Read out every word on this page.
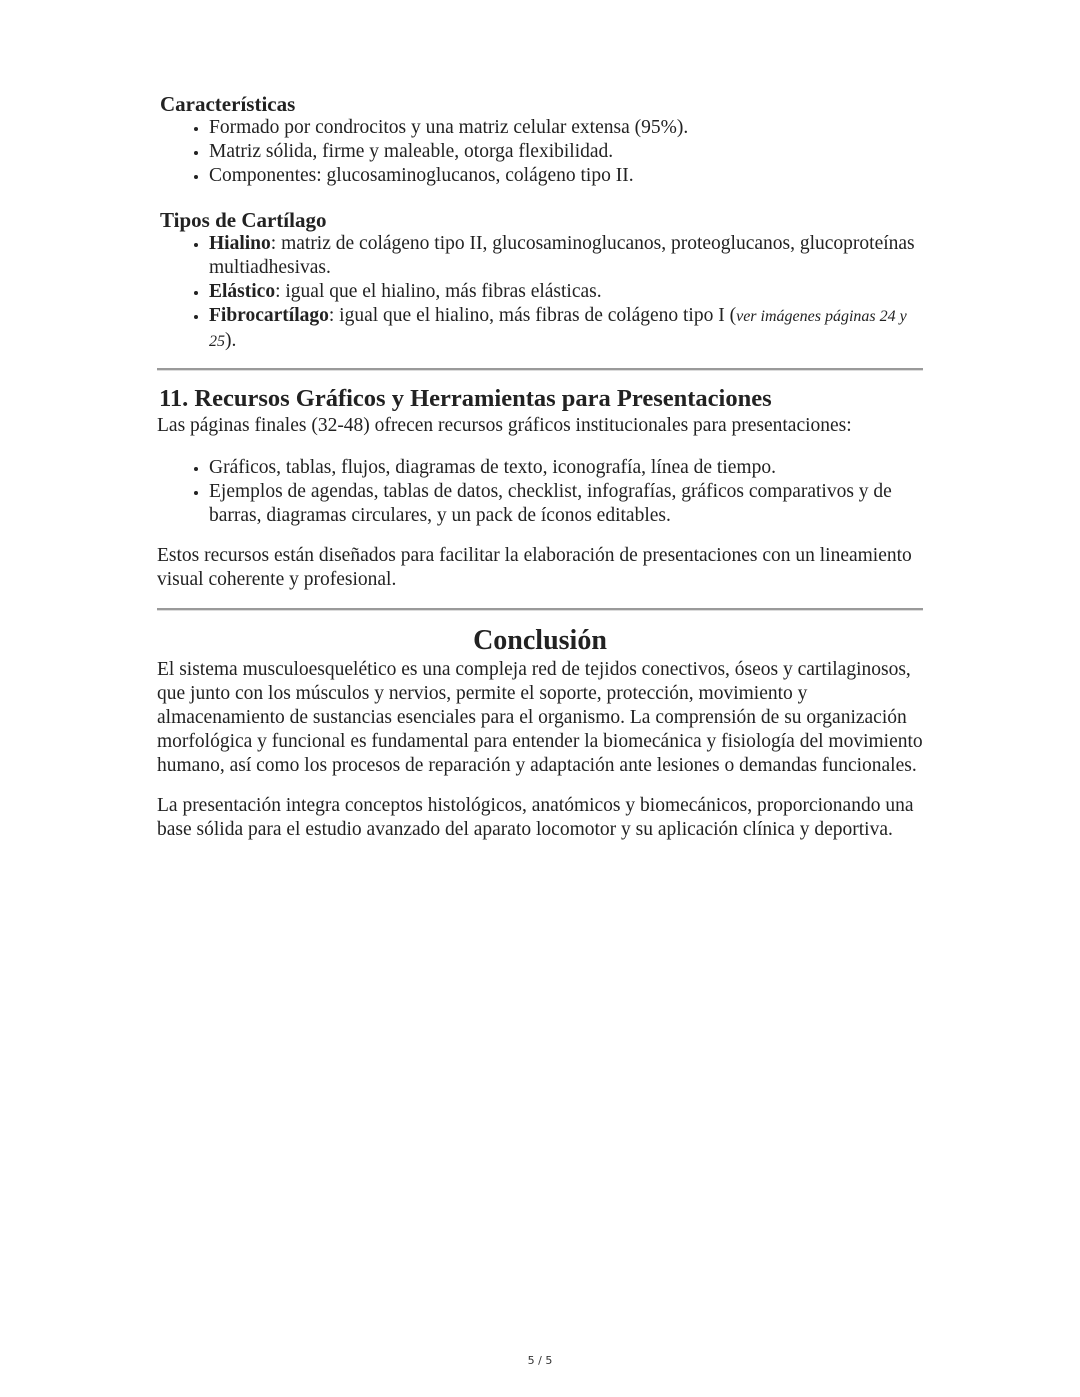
Características
• Formado por condrocitos y una matriz celular extensa (95%).
• Matriz sólida, firme y maleable, otorga flexibilidad.
• Componentes: glucosaminoglucanos, colágeno tipo II.
Tipos de Cartílago
• Hialino: matriz de colágeno tipo II, glucosaminoglucanos, proteoglucanos, glucoproteínas multiadhesivas.
• Elástico: igual que el hialino, más fibras elásticas.
• Fibrocartílago: igual que el hialino, más fibras de colágeno tipo I (ver imágenes páginas 24 y 25).
11. Recursos Gráficos y Herramientas para Presentaciones

Las páginas finales (32-48) ofrecen recursos gráficos institucionales para presentaciones:

• Gráficos, tablas, flujos, diagramas de texto, iconografía, línea de tiempo.
• Ejemplos de agendas, tablas de datos, checklist, infografías, gráficos comparativos y de barras, diagramas circulares, y un pack de íconos editables.

Estos recursos están diseñados para facilitar la elaboración de presentaciones con un lineamiento visual coherente y profesional.

Conclusión

El sistema musculoesquelético es una compleja red de tejidos conectivos, óseos y cartilaginosos, que junto con los músculos y nervios, permite el soporte, protección, movimiento y almacenamiento de sustancias esenciales para el organismo. La comprensión de su organización morfológica y funcional es fundamental para entender la biomecánica y fisiología del movimiento humano, así como los procesos de reparación y adaptación ante lesiones o demandas funcionales.

La presentación integra conceptos histológicos, anatómicos y biomecánicos, proporcionando una base sólida para el estudio avanzado del aparato locomotor y su aplicación clínica y deportiva.

5 / 5
